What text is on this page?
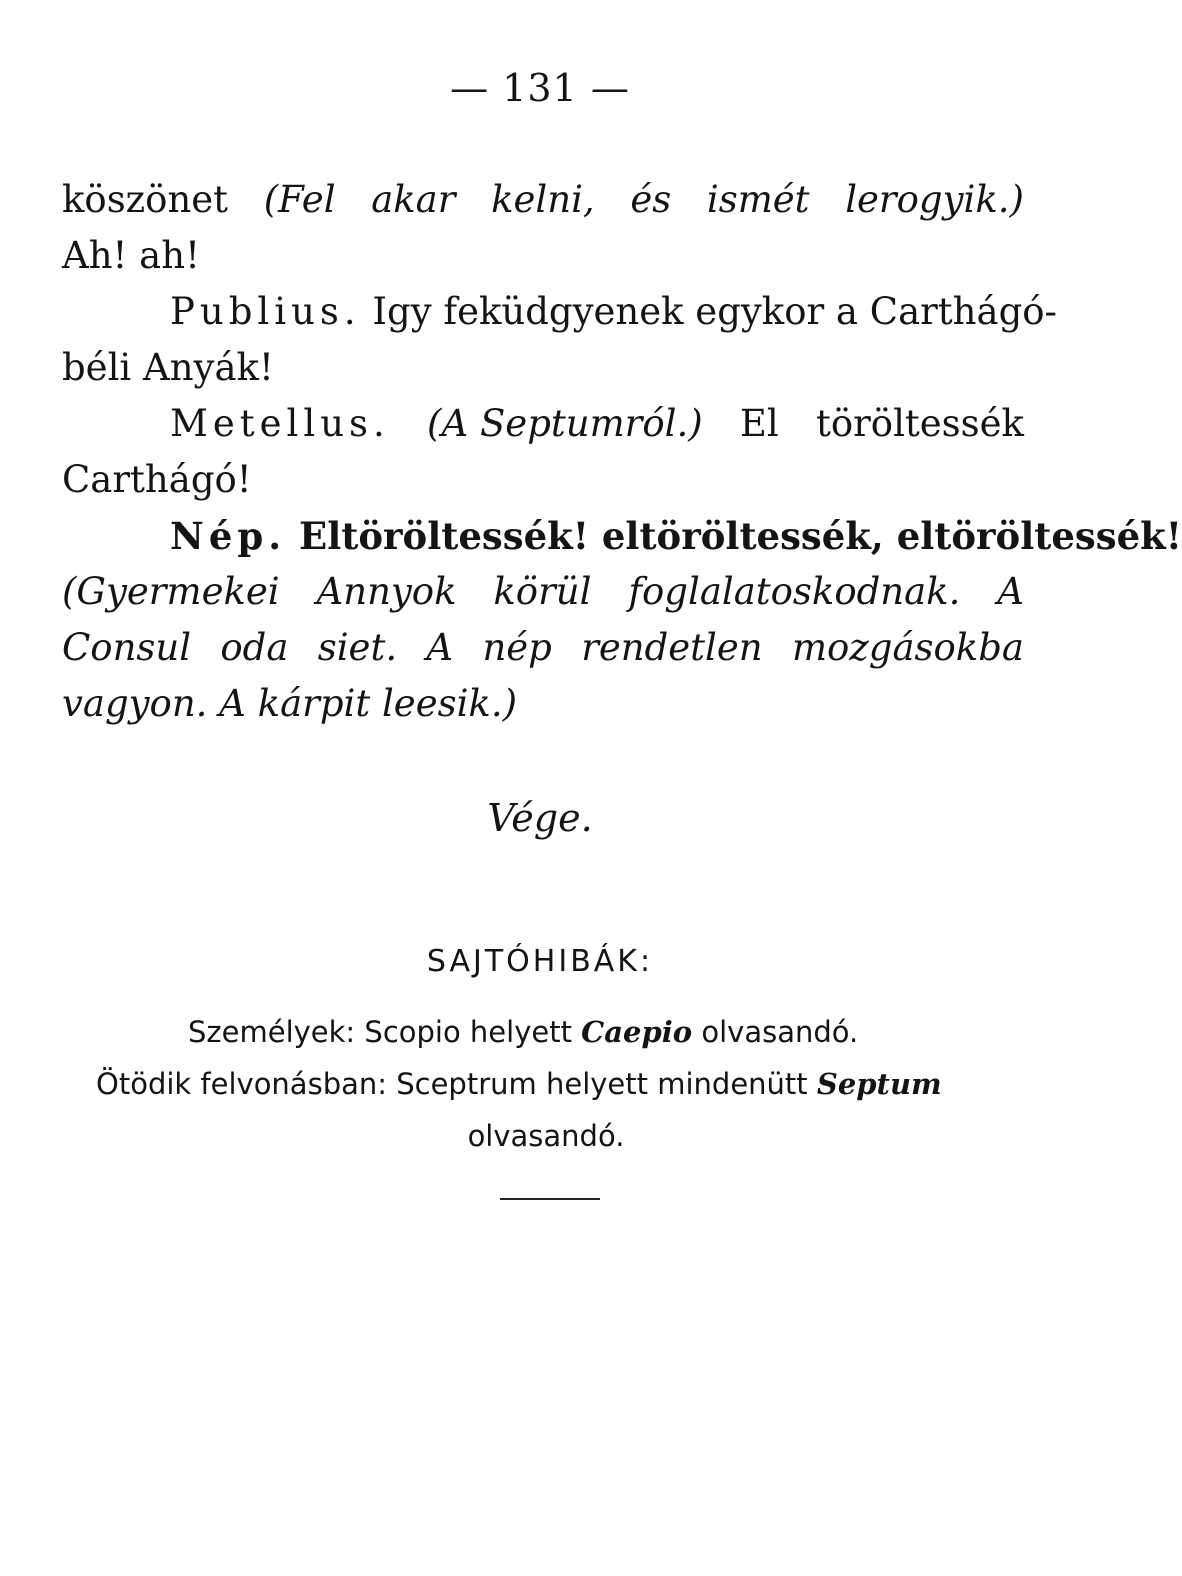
— 131 —
köszönet (Fel akar kelni, és ismét lerogyik.)
Ah! ah!
Publius. Igy feküdgyenek egykor a Carthágó-
béli Anyák!
Metellus. (A Septumról.) El töröltessék
Carthágó!
Nép. Eltöröltessék! eltöröltessék, eltöröltessék!
(Gyermekei Annyok körül foglalatoskodnak. A
Consul oda siet. A nép rendetlen mozgásokba
vagyon. A kárpit leesik.)
Vége.
SAJTÓHIBÁK:
Személyek: Scopio helyett Caepio olvasandó.
Ötödik felvonásban: Sceptrum helyett mindenütt Septum
olvasandó.
